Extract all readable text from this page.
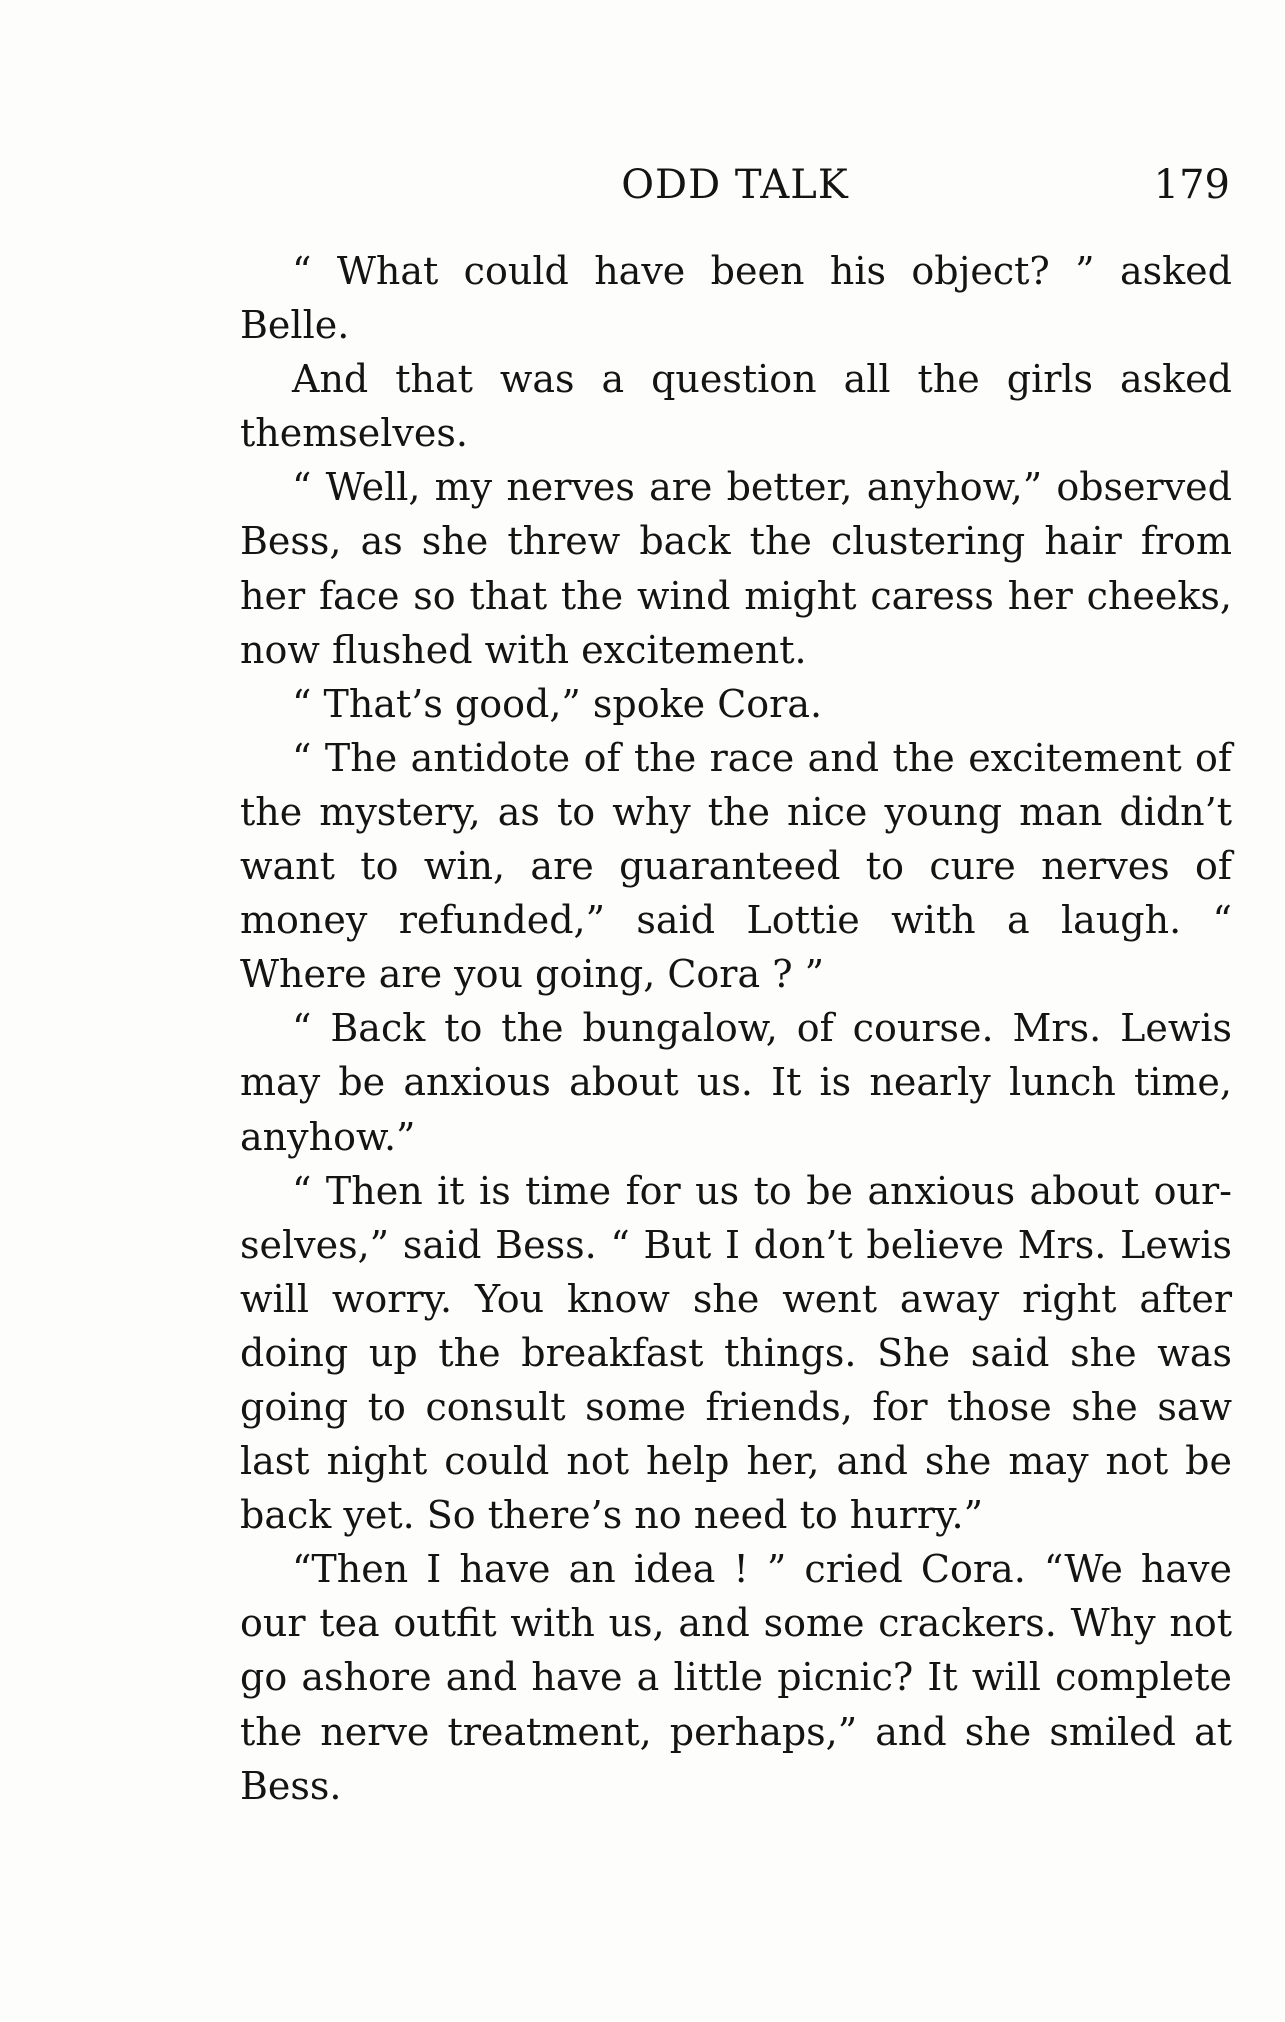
ODD TALK	179

“ What could have been his object? ” asked Belle.

And that was a question all the girls asked themselves.

“ Well, my nerves are better, anyhow,” observed Bess, as she threw back the clustering hair from her face so that the wind might caress her cheeks, now flushed with excitement.

“ That’s good,” spoke Cora.

“ The antidote of the race and the excitement of the mystery, as to why the nice young man didn’t want to win, are guaranteed to cure nerves of money refunded,” said Lottie with a laugh. “ Where are you going, Cora ? ”

“ Back to the bungalow, of course. Mrs. Lewis may be anxious about us. It is nearly lunch time, anyhow.”

“ Then it is time for us to be anxious about ourselves,” said Bess. “ But I don’t believe Mrs. Lewis will worry. You know she went away right after doing up the breakfast things. She said she was going to consult some friends, for those she saw last night could not help her, and she may not be back yet. So there’s no need to hurry.”

“Then I have an idea ! ” cried Cora. “We have our tea outfit with us, and some crackers. Why not go ashore and have a little picnic? It will complete the nerve treatment, perhaps,” and she smiled at Bess.
